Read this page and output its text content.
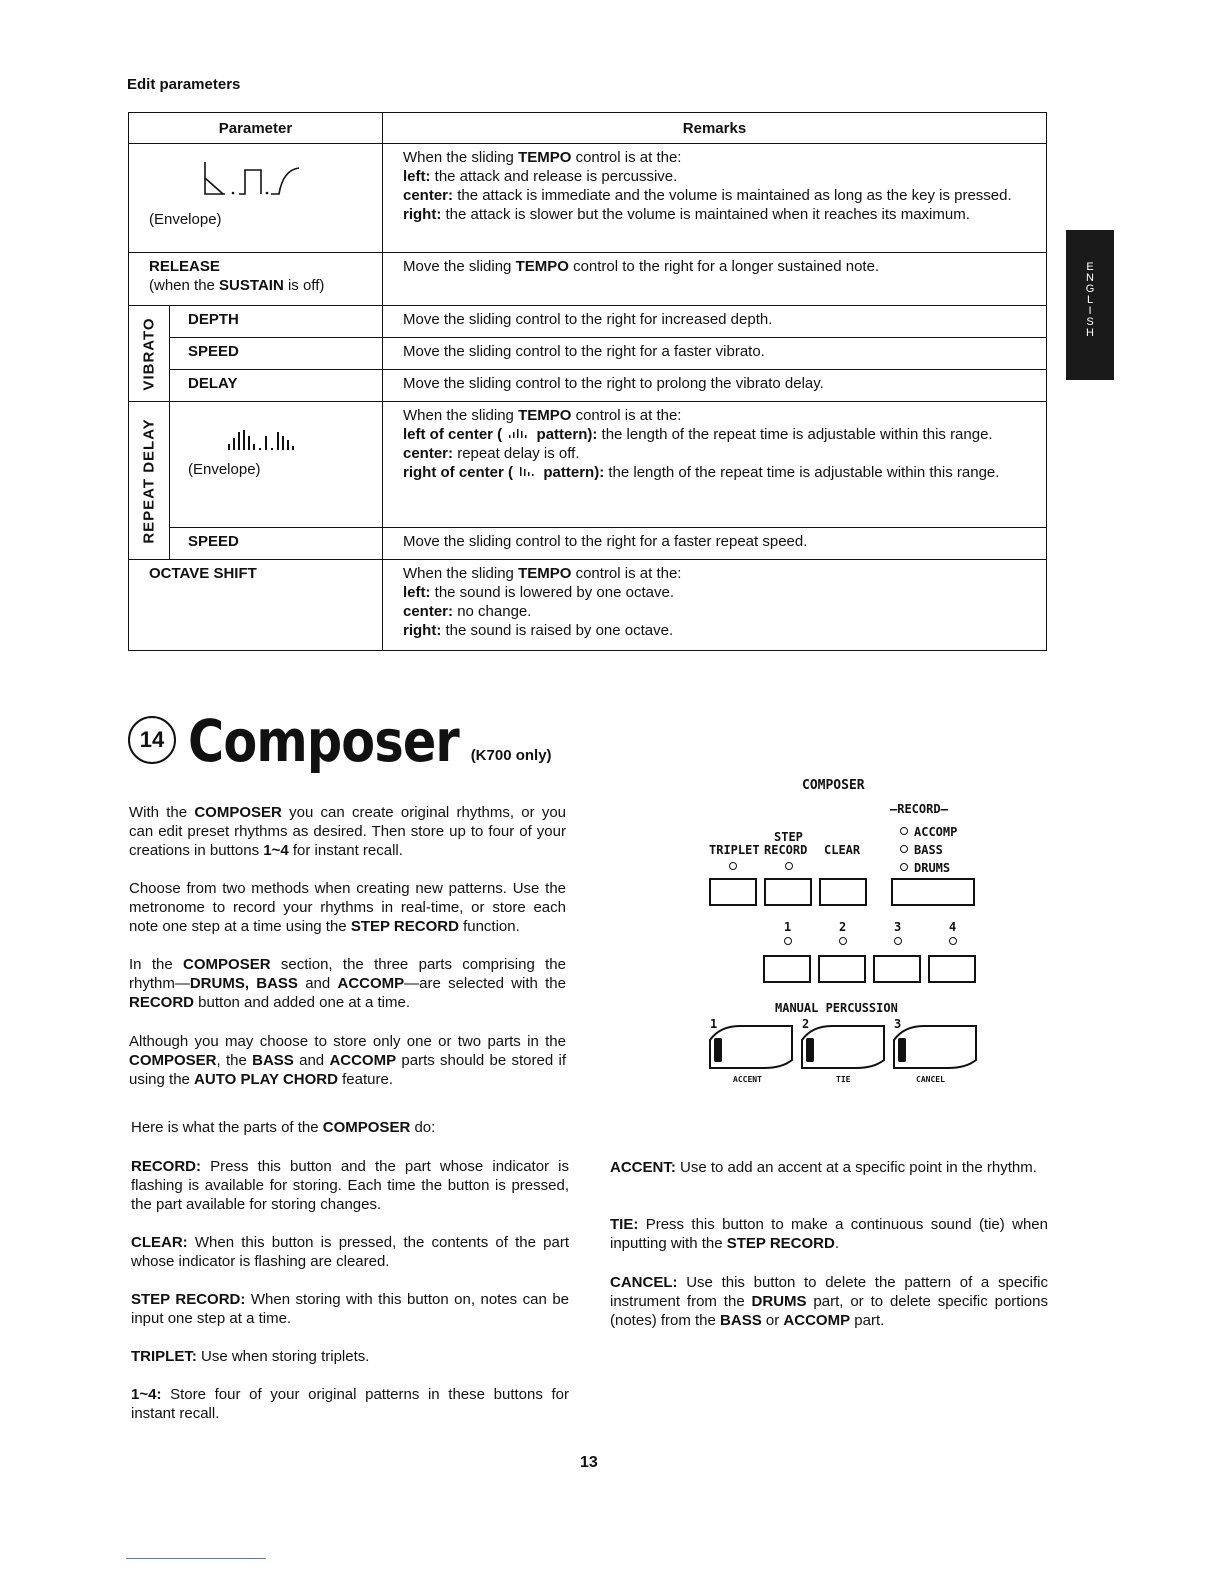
Edit parameters
Parameter		Remarks

(Envelope)		When the sliding TEMPO control is at the:
left: the attack and release is percussive.
center: the attack is immediate and the volume is maintained as long as the key is pressed.
right: the attack is slower but the volume is maintained when it reaches its maximum.

RELEASE
(when the SUSTAIN is off)		Move the sliding TEMPO control to the right for a longer sustained note.

VIBRATO	DEPTH	Move the sliding control to the right for increased depth.
	SPEED	Move the sliding control to the right for a faster vibrato.
	DELAY	Move the sliding control to the right to prolong the vibrato delay.

REPEAT DELAY	(Envelope)	When the sliding TEMPO control is at the:
left of center ( pattern): the length of the repeat time is adjustable within this range.
center: repeat delay is off.
right of center ( pattern): the length of the repeat time is adjustable within this range.

	SPEED	Move the sliding control to the right for a faster repeat speed.
OCTAVE SHIFT		When the sliding TEMPO control is at the:
left: the sound is lowered by one octave.
center: no change.
right: the sound is raised by one octave.
E
N
G
L
I
S
H
14 Composer (K700 only)
With the COMPOSER you can create original rhythms, or you can edit preset rhythms as desired. Then store up to four of your creations in buttons 1~4 for instant recall.
Choose from two methods when creating new patterns. Use the metronome to record your rhythms in real-time, or store each note one step at a time using the STEP RECORD function.
In the COMPOSER section, the three parts comprising the rhythm—DRUMS, BASS and ACCOMP—are selected with the RECORD button and added one at a time.
Although you may choose to store only one or two parts in the COMPOSER, the BASS and ACCOMP parts should be stored if using the AUTO PLAY CHORD feature.
Here is what the parts of the COMPOSER do:
COMPOSER
—RECORD—
STEP
TRIPLET RECORD CLEAR
ACCOMP
BASS
DRUMS
1	2	3	4
MANUAL PERCUSSION
1	2	3
ACCENT	TIE	CANCEL
RECORD: Press this button and the part whose indicator is flashing is available for storing. Each time the button is pressed, the part available for storing changes.
CLEAR: When this button is pressed, the contents of the part whose indicator is flashing are cleared.
STEP RECORD: When storing with this button on, notes can be input one step at a time.
TRIPLET: Use when storing triplets.
1~4: Store four of your original patterns in these buttons for instant recall.
ACCENT: Use to add an accent at a specific point in the rhythm.
TIE: Press this button to make a continuous sound (tie) when inputting with the STEP RECORD.
CANCEL: Use this button to delete the pattern of a specific instrument from the DRUMS part, or to delete specific portions (notes) from the BASS or ACCOMP part.
13
